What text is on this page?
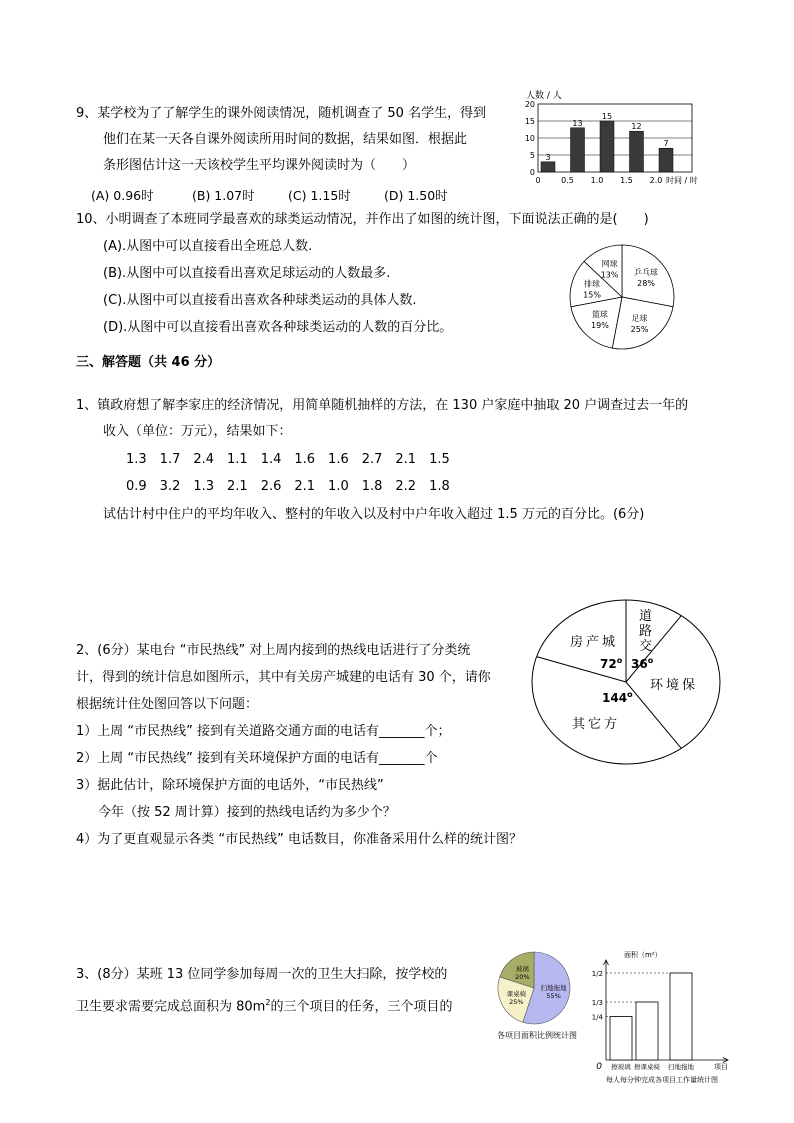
9、某学校为了了解学生的课外阅读情况，随机调查了 50 名学生，得到
他们在某一天各自课外阅读所用时间的数据，结果如图．根据此
条形图估计这一天该校学生平均课外阅读时为（　　）
(A) 0.96时	(B) 1.07时	(C) 1.15时	(D) 1.50时
人数 / 人
0
5
10
15
20
3
0
13
0.5
15
1.0
12
1.5
7
2.0 时间 / 时
10、小明调查了本班同学最喜欢的球类运动情况，并作出了如图的统计图，下面说法正确的是(　　)
(A).从图中可以直接看出全班总人数.
(B).从图中可以直接看出喜欢足球运动的人数最多.
(C).从图中可以直接看出喜欢各种球类运动的具体人数.
(D).从图中可以直接看出喜欢各种球类运动的人数的百分比。
乒乓球
28%
足球
25%
篮球
19%
排球
15%
网球
13%
三、解答题（共 46 分）
1、镇政府想了解李家庄的经济情况，用简单随机抽样的方法，在 130 户家庭中抽取 20 户调查过去一年的
收入（单位：万元），结果如下：
1.3　1.7　2.4　1.1　1.4　1.6　1.6　2.7　2.1　1.5
0.9　3.2　1.3　2.1　2.6　2.1　1.0　1.8　2.2　1.8
试估计村中住户的平均年收入、整村的年收入以及村中户年收入超过 1.5 万元的百分比。(6分)
2、(6分）某电台 “市民热线” 对上周内接到的热线电话进行了分类统
计，得到的统计信息如图所示，其中有关房产城建的电话有 30 个，请你
根据统计住处图回答以下问题：
1）上周 “市民热线” 接到有关道路交通方面的电话有_______个；
2）上周 “市民热线” 接到有关环境保护方面的电话有_______个
3）据此估计，除环境保护方面的电话外，“市民热线”
今年（按 52 周计算）接到的热线电话约为多少个？
4）为了更直观显示各类 “市民热线” 电话数目，你准备采用什么样的统计图？
房产城
道
路
交
环境保
其它方
72$^o$ 36$^o$
144$^o$
3、(8分）某班 13 位同学参加每周一次的卫生大扫除，按学校的
卫生要求需要完成总面积为 $80m^2$的三个项目的任务，三个项目的
扫地拖地
55%
课桌椅
25%
玻璃
20%
各项目面积比例统计图
面积（m²）
0	项目
1/4
擦玻璃
1/3
擦课桌椅
1/2
扫地拖地
每人每分钟完成各项目工作量统计图
